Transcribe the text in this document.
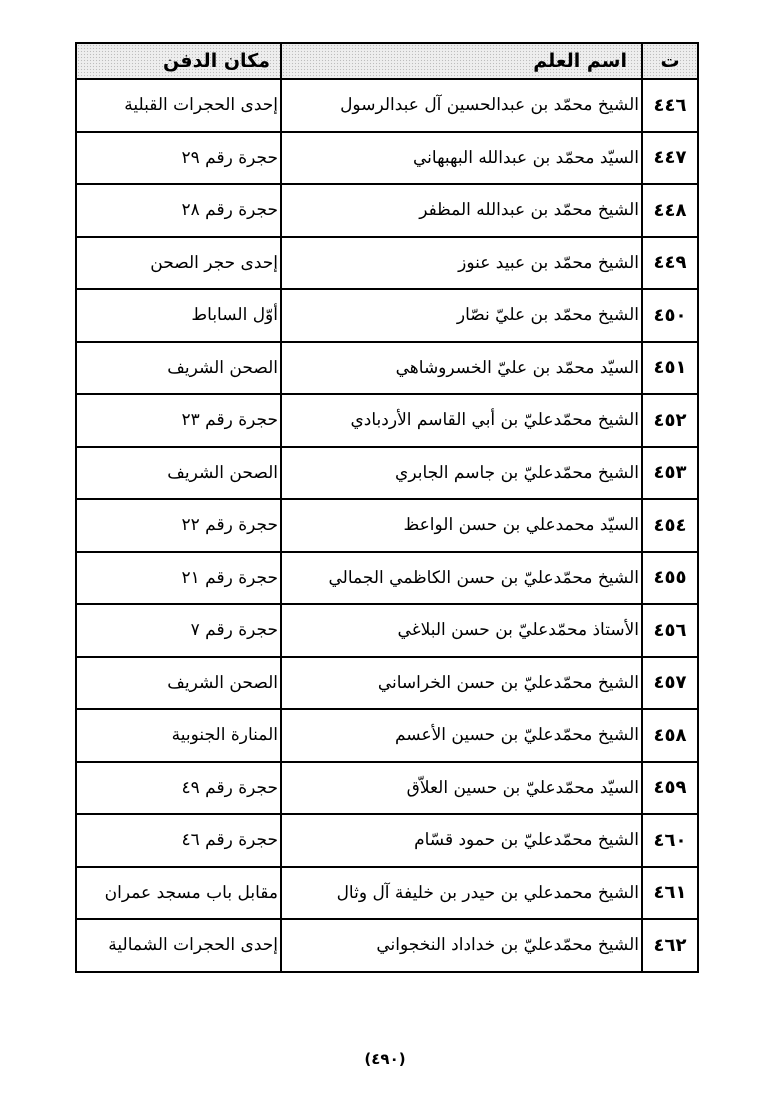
ت	اسم العلم	مكان الدفن
٤٤٦	الشيخ محمّد بن عبدالحسين آل عبدالرسول	إحدى الحجرات القبلية
٤٤٧	السيّد محمّد بن عبدالله البهبهاني	حجرة رقم ٢٩
٤٤٨	الشيخ محمّد بن عبدالله المظفر	حجرة رقم ٢٨
٤٤٩	الشيخ محمّد بن عبيد عنوز	إحدى حجر الصحن
٤٥٠	الشيخ محمّد بن عليّ نصّار	أوّل الساباط
٤٥١	السيّد محمّد بن عليّ الخسروشاهي	الصحن الشريف
٤٥٢	الشيخ محمّدعليّ بن أبي القاسم الأردبادي	حجرة رقم ٢٣
٤٥٣	الشيخ محمّدعليّ بن جاسم الجابري	الصحن الشريف
٤٥٤	السيّد محمدعلي بن حسن الواعظ	حجرة رقم ٢٢
٤٥٥	الشيخ محمّدعليّ بن حسن الكاظمي الجمالي	حجرة رقم ٢١
٤٥٦	الأستاذ محمّدعليّ بن حسن البلاغي	حجرة رقم ٧
٤٥٧	الشيخ محمّدعليّ بن حسن الخراساني	الصحن الشريف
٤٥٨	الشيخ محمّدعليّ بن حسين الأعسم	المنارة الجنوبية
٤٥٩	السيّد محمّدعليّ بن حسين العلاّق	حجرة رقم ٤٩
٤٦٠	الشيخ محمّدعليّ بن حمود قسّام	حجرة رقم ٤٦
٤٦١	الشيخ محمدعلي بن حيدر بن خليفة آل وثال	مقابل باب مسجد عمران
٤٦٢	الشيخ محمّدعليّ بن خداداد النخجواني	إحدى الحجرات الشمالية
(٤٩٠)
